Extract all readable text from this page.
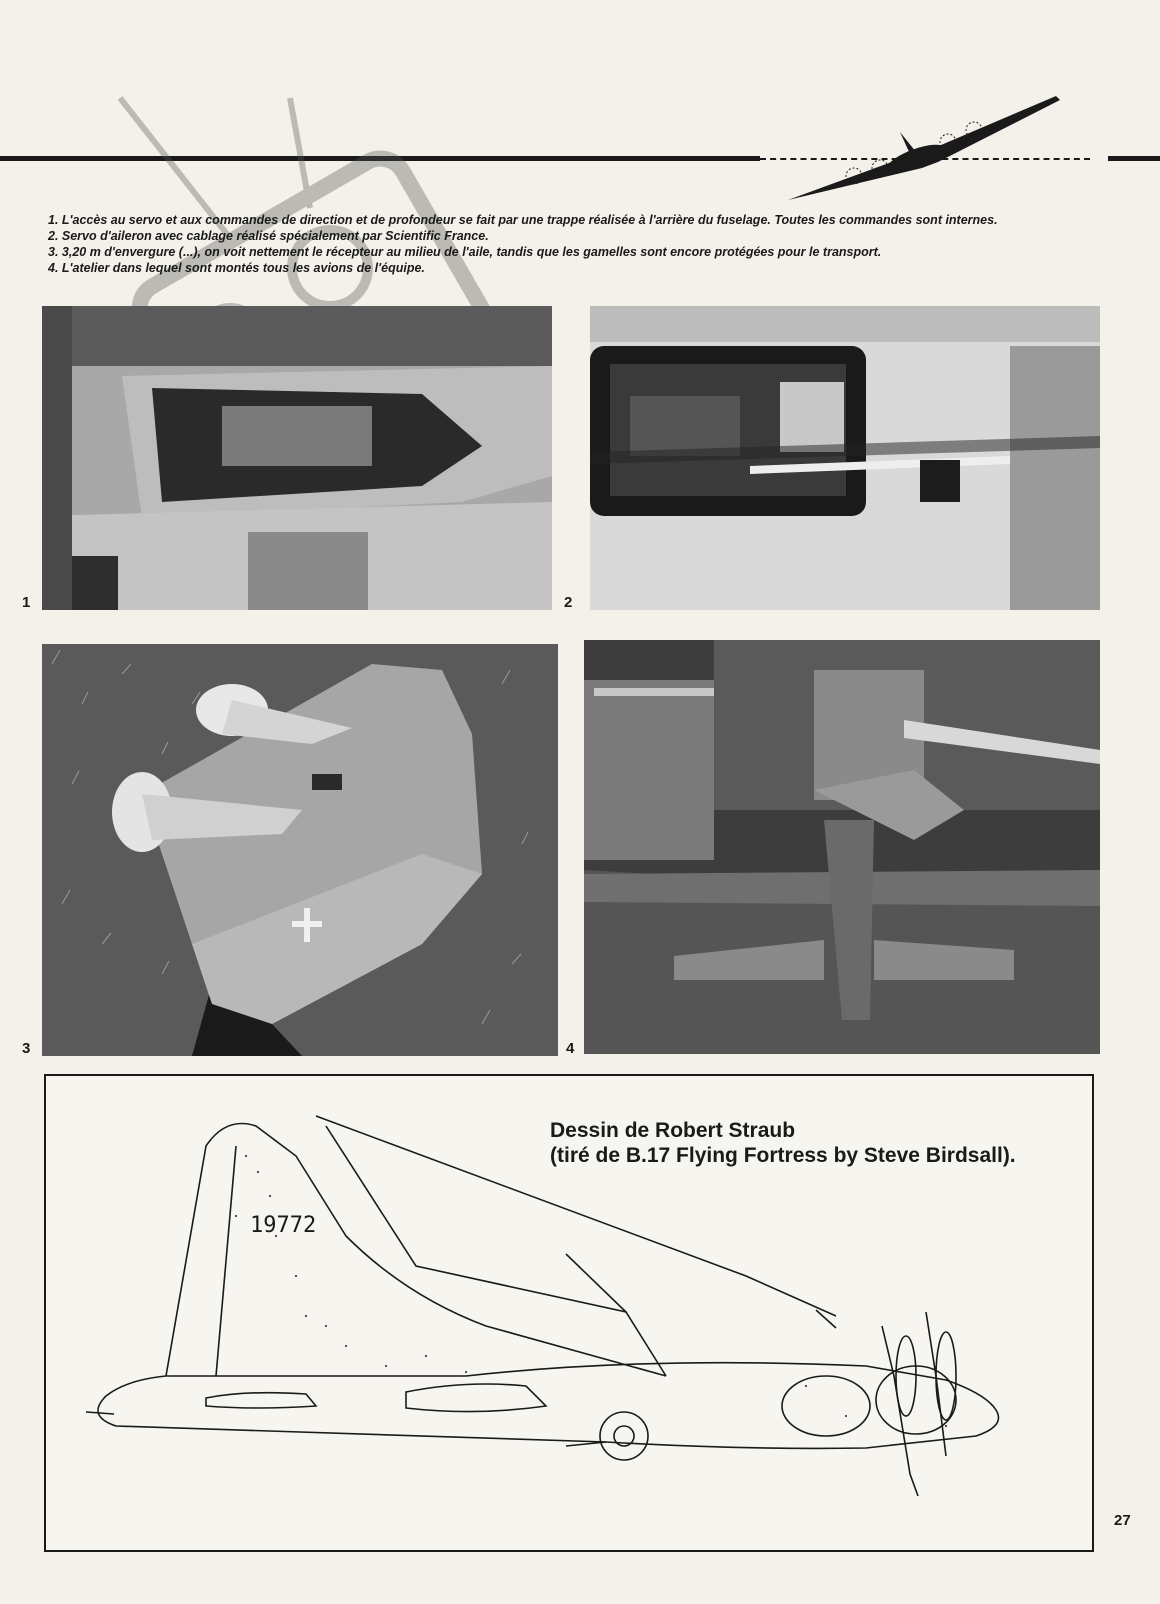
1. L'accès au servo et aux commandes de direction et de profondeur se fait par une trappe réalisée à l'arrière du fuselage. Toutes les commandes sont internes.

2. Servo d'aileron avec cablage réalisé spécialement par Scientific France.

3. 3,20 m d'envergure (...), on voit nettement le récepteur au milieu de l'aile, tandis que les gamelles sont encore protégées pour le transport.

4. L'atelier dans lequel sont montés tous les avions de l'équipe.

1	2
3	4
Dessin de Robert Straub
(tiré de B.17 Flying Fortress by Steve Birdsall).
19772
27
